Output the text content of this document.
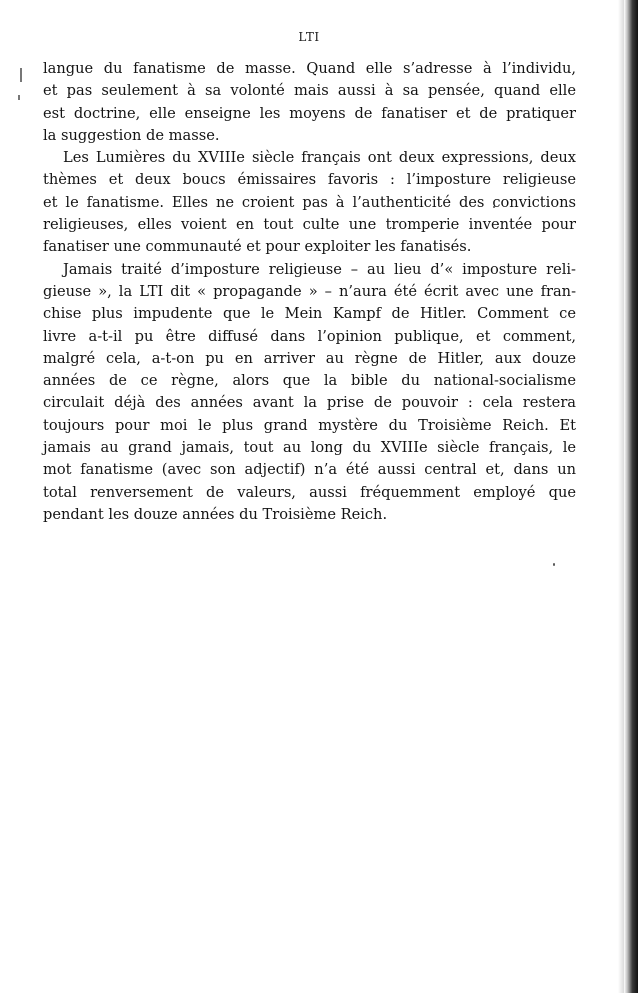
LTI
langue du fanatisme de masse. Quand elle s’adresse à l’individu,
et pas seulement à sa volonté mais aussi à sa pensée, quand elle
est doctrine, elle enseigne les moyens de fanatiser et de pratiquer
la suggestion de masse.
Les Lumières du XVIIIe siècle français ont deux expressions, deux
thèmes et deux boucs émissaires favoris : l’imposture religieuse
et le fanatisme. Elles ne croient pas à l’authenticité des convictions
religieuses, elles voient en tout culte une tromperie inventée pour
fanatiser une communauté et pour exploiter les fanatisés.
Jamais traité d’imposture religieuse – au lieu d’« imposture reli-
gieuse », la LTI dit « propagande » – n’aura été écrit avec une fran-
chise plus impudente que le Mein Kampf de Hitler. Comment ce
livre a-t-il pu être diffusé dans l’opinion publique, et comment,
malgré cela, a-t-on pu en arriver au règne de Hitler, aux douze
années de ce règne, alors que la bible du national-socialisme
circulait déjà des années avant la prise de pouvoir : cela restera
toujours pour moi le plus grand mystère du Troisième Reich. Et
jamais au grand jamais, tout au long du XVIIIe siècle français, le
mot fanatisme (avec son adjectif) n’a été aussi central et, dans un
total renversement de valeurs, aussi fréquemment employé que
pendant les douze années du Troisième Reich.
